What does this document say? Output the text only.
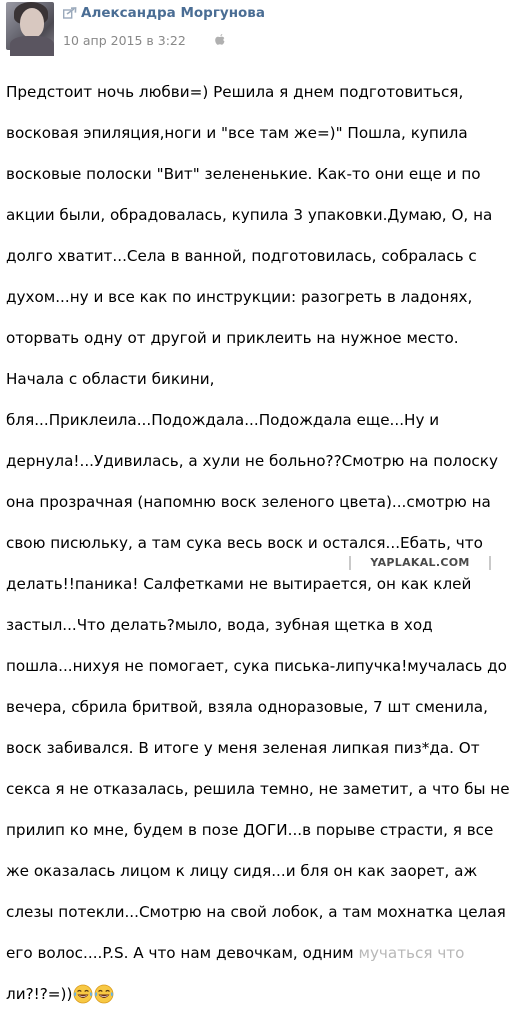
Александра Моргунова
10 апр 2015 в 3:22

Предстоит ночь любви=) Решила я днем подготовиться,

восковая эпиляция,ноги и "все там же=)" Пошла, купила

восковые полоски "Вит" зелененькие. Как-то они еще и по

акции были, обрадовалась, купила 3 упаковки.Думаю, О, на

долго хватит...Села в ванной, подготовилась, собралась с

духом...ну и все как по инструкции: разогреть в ладонях,

оторвать одну от другой и приклеить на нужное место.

Начала с области бикини,

бля...Приклеила...Подождала...Подождала еще...Ну и

дернула!...Удивилась, а хули не больно??Смотрю на полоску

она прозрачная (напомню воск зеленого цвета)...смотрю на

свою писюльку, а там сука весь воск и остался...Ебать, что

делать!!паника! Салфетками не вытирается, он как клей

застыл...Что делать?мыло, вода, зубная щетка в ход

пошла...нихуя не помогает, сука писька-липучка!мучалась до

вечера, сбрила бритвой, взяла одноразовые, 7 шт сменила,

воск забивался. В итоге у меня зеленая липкая пиз*да. От

секса я не отказалась, решила темно, не заметит, а что бы не

прилип ко мне, будем в позе ДОГИ...в порыве страсти, я все

же оказалась лицом к лицу сидя...и бля он как заорет, аж

слезы потекли...Смотрю на свой лобок, а там мохнатка целая

его волос....P.S. А что нам девочкам, одним мучаться что

ли?!?=))

YAPLAKAL.COM
